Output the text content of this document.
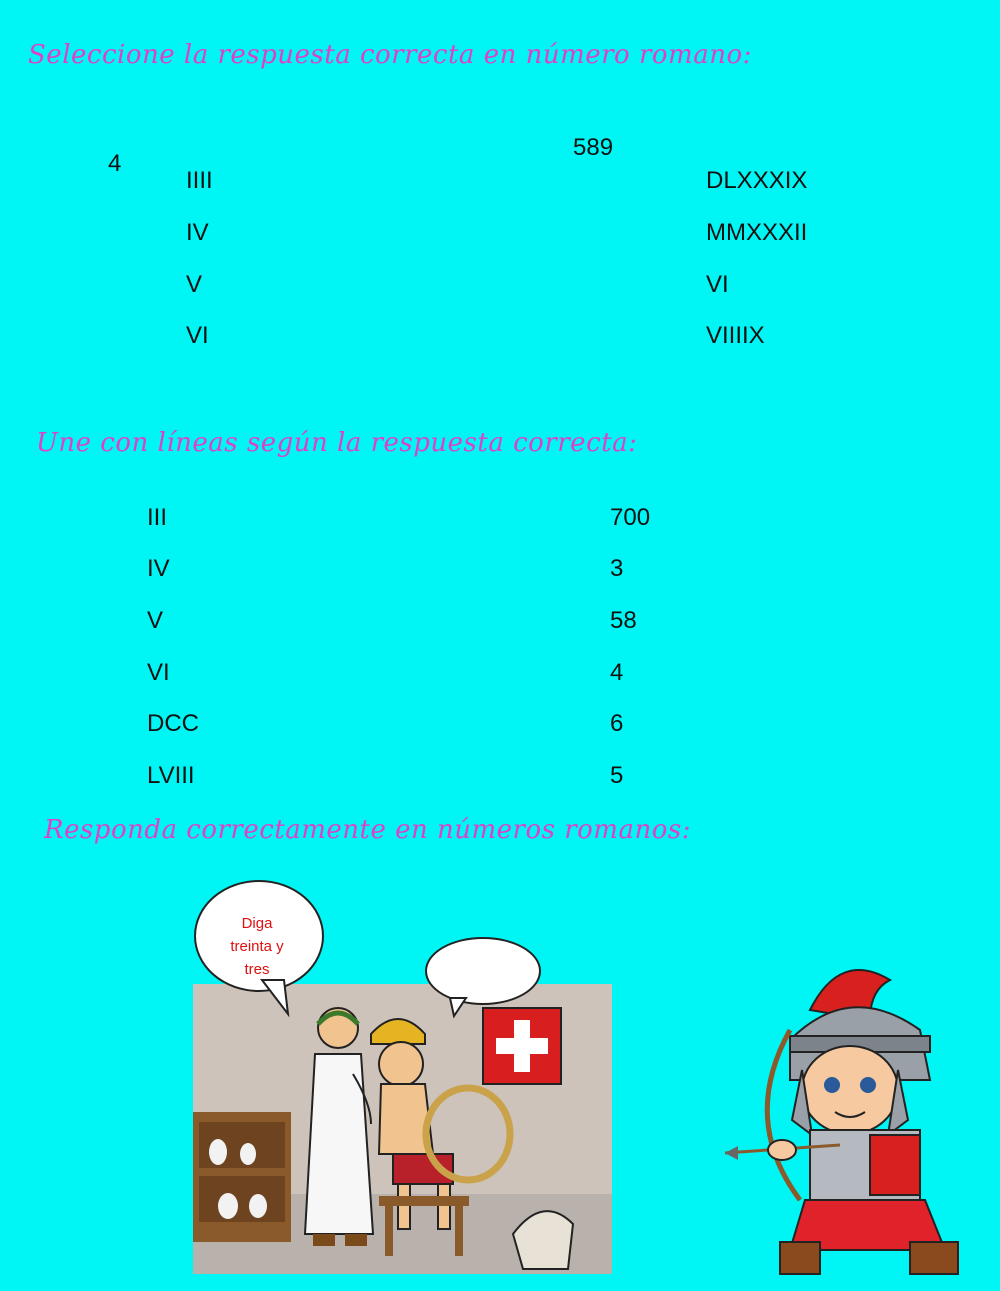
Seleccione la respuesta correcta en número romano:
4
IIII
IV
V
VI
589
DLXXXIX
MMXXXII
VI
VIIIIX
Une con líneas según la respuesta correcta:
III
IV
V
VI
DCC
LVIII
700
3
58
4
6
5
Responda correctamente en números romanos:
Diga
treinta y
tres
